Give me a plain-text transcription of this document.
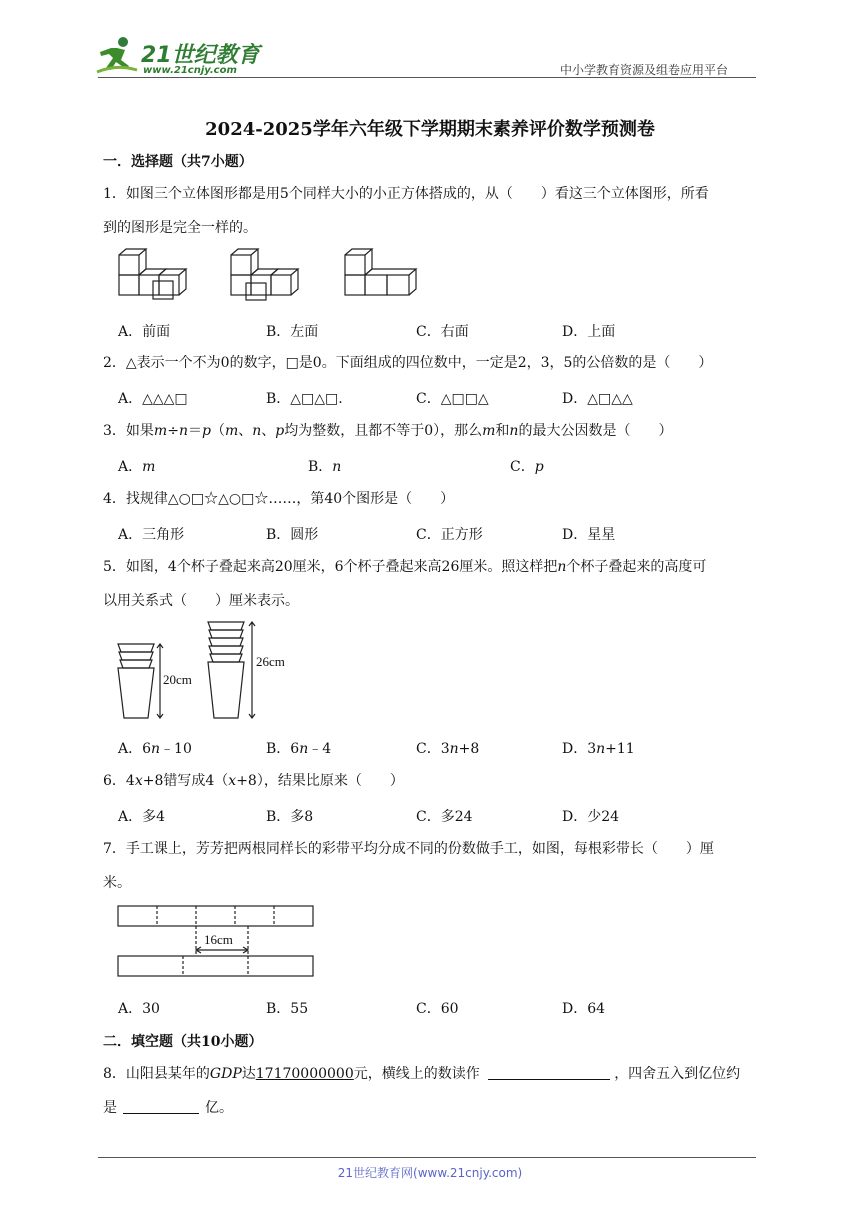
21世纪教育
www.21cnjy.com	中小学教育资源及组卷应用平台
2024-2025学年六年级下学期期末素养评价数学预测卷
一．选择题（共7小题）
1．如图三个立体图形都是用5个同样大小的小正方体搭成的，从（　　）看这三个立体图形，所看
到的图形是完全一样的。
A．前面	B．左面	C．右面	D．上面
2．△表示一个不为0的数字，□是0。下面组成的四位数中，一定是2，3，5的公倍数的是（　　）
A．△△△□	B．△□△□.	C．△□□△	D．△□△△
3．如果m÷n＝p（m、n、p均为整数，且都不等于0），那么m和n的最大公因数是（　　）
A．m	B．n	C．p
4．找规律△○□☆△○□☆……，第40个图形是（　　）
A．三角形	B．圆形	C．正方形	D．星星
5．如图，4个杯子叠起来高20厘米，6个杯子叠起来高26厘米。照这样把n个杯子叠起来的高度可
以用关系式（　　）厘米表示。
20cm
26cm
A．6n﹣10	B．6n﹣4	C．3n+8	D．3n+11
6．4x+8错写成4（x+8），结果比原来（　　）
A．多4	B．多8	C．多24	D．少24
7．手工课上，芳芳把两根同样长的彩带平均分成不同的份数做手工，如图，每根彩带长（　　）厘
米。
16cm
A．30	B．55	C．60	D．64
二．填空题（共10小题）
8．山阳县某年的GDP达17170000000元，横线上的数读作	，四舍五入到亿位约
是	亿。
21世纪教育网(www.21cnjy.com)
